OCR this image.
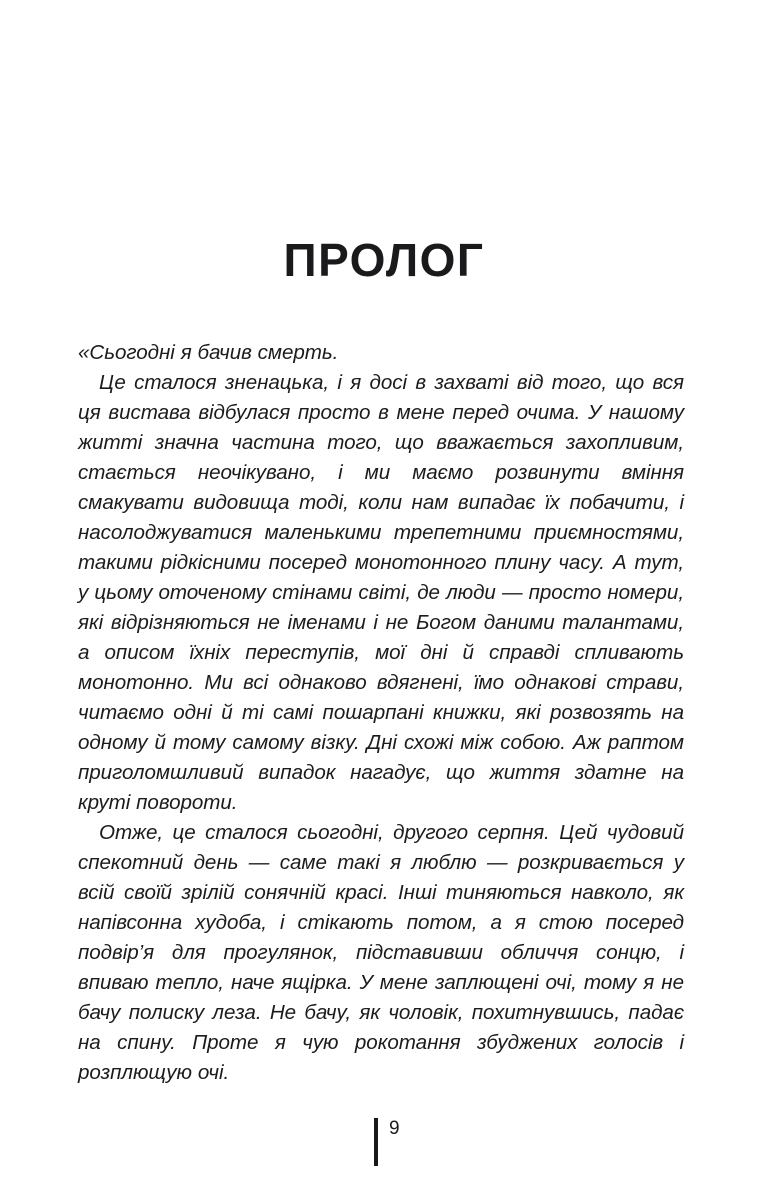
ПРОЛОГ

«Сьогодні я бачив смерть.

Це сталося зненацька, і я досі в захваті від того, що вся ця вистава відбулася просто в мене перед очима. У нашому житті значна частина того, що вважається захопливим, стається неочікувано, і ми маємо розвинути вміння смакувати видовища тоді, коли нам випадає їх побачити, і насолоджуватися маленькими трепетними приємностями, такими рідкісними посеред монотонного плину часу. А тут, у цьому оточеному стінами світі, де люди — просто номери, які відрізняються не іменами і не Богом даними талантами, а описом їхніх переступів, мої дні й справді спливають монотонно. Ми всі однаково вдягнені, їмо однакові страви, читаємо одні й ті самі пошарпані книжки, які розвозять на одному й тому самому візку. Дні схожі між собою. Аж раптом приголомшливий випадок нагадує, що життя здатне на круті повороти.

Отже, це сталося сьогодні, другого серпня. Цей чудовий спекотний день — саме такі я люблю — розкривається у всій своїй зрілій сонячній красі. Інші тиняються навколо, як напівсонна худоба, і стікають потом, а я стою посеред подвір’я для прогулянок, підставивши обличчя сонцю, і впиваю тепло, наче ящірка. У мене заплющені очі, тому я не бачу полиску леза. Не бачу, як чоловік, похитнувшись, падає на спину. Проте я чую рокотання збуджених голосів і розплющую очі.

9
